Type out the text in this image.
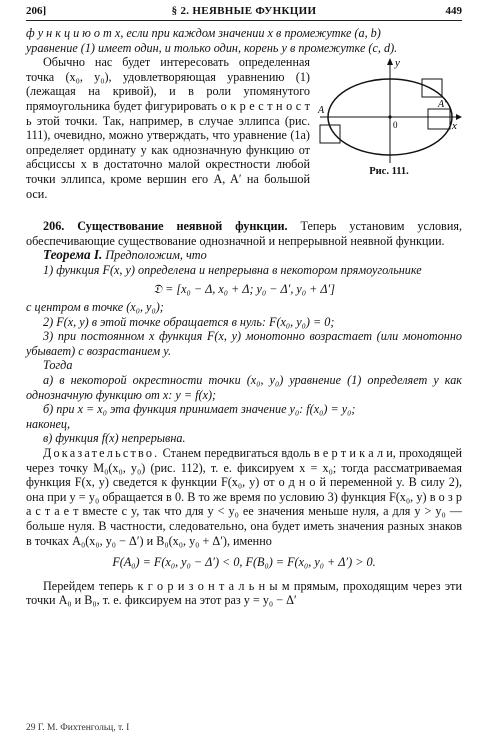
206]	§ 2. НЕЯВНЫЕ ФУНКЦИИ	449

ф у н к ц и ю о т x, если при каждом значении x в промежутке (a, b)

уравнение (1) имеет один, и только один, корень y в промежутке (c, d).

y
x
A
A′
0
Рис. 111.

Обычно нас будет интересовать определенная точка (x₀, y₀), удовлетворяющая уравнению (1) (лежащая на кривой), и в роли упомянутого прямоугольника будет фигурировать о к р е с т н о с т ь этой точки. Так, например, в случае эллипса (рис. 111), очевидно, можно утверждать, что уравнение (1а) определяет ординату y как однозначную функцию от абсциссы x в достаточно малой окрестности любой точки эллипса, кроме вершин его A, A′ на большой оси.

206. Существование неявной функции. Теперь установим условия, обеспечивающие существование однозначной и непрерывной неявной функции.

Теорема I. Предположим, что

1) функция F(x, y) определена и непрерывна в некотором прямоугольнике

𝔇 = [x₀ − Δ, x₀ + Δ; y₀ − Δ′, y₀ + Δ′]

с центром в точке (x₀, y₀);

2) F(x, y) в этой точке обращается в нуль: F(x₀, y₀) = 0;

3) при постоянном x функция F(x, y) монотонно возрастает (или монотонно убывает) с возрастанием y.

Тогда

а) в некоторой окрестности точки (x₀, y₀) уравнение (1) определяет y как однозначную функцию от x: y = f(x);

б) при x = x₀ эта функция принимает значение y₀: f(x₀) = y₀;

наконец,

в) функция f(x) непрерывна.

Доказательство. Станем передвигаться вдоль в е р т и к а л и, проходящей через точку M₀(x₀, y₀) (рис. 112), т. е. фиксируем x = x₀; тогда рассматриваемая функция F(x, y) сведется к функции F(x₀, y) от о д н о й переменной y. В силу 2), она при y = y₀ обращается в 0. В то же время по условию 3) функция F(x₀, y) в о з р а с т а е т вместе с y, так что для y < y₀ ее значения меньше нуля, а для y > y₀ — больше нуля. В частности, следовательно, она будет иметь значения разных знаков в точках A₀(x₀, y₀ − Δ′) и B₀(x₀, y₀ + Δ′), именно

F(A₀) = F(x₀, y₀ − Δ′) < 0, F(B₀) = F(x₀, y₀ + Δ′) > 0.

Перейдем теперь к г о р и з о н т а л ь н ы м прямым, проходящим через эти точки A₀ и B₀, т. е. фиксируем на этот раз y = y₀ − Δ′

29 Г. М. Фихтенгольц, т. I
